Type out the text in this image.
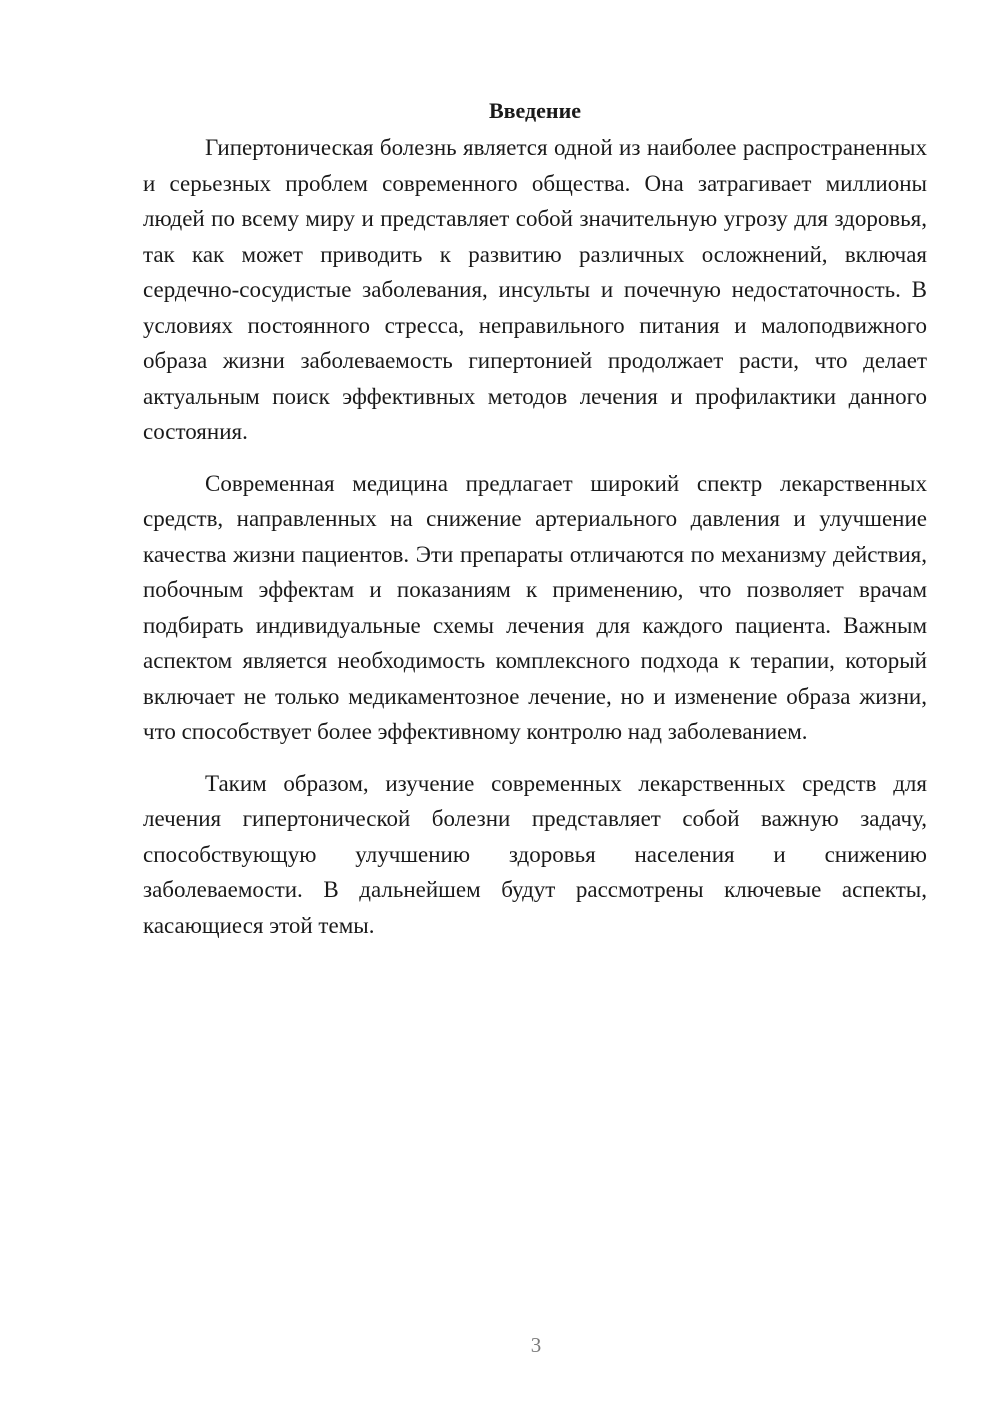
Введение

Гипертоническая болезнь является одной из наиболее распространенных и серьезных проблем современного общества. Она затрагивает миллионы людей по всему миру и представляет собой значительную угрозу для здоровья, так как может приводить к развитию различных осложнений, включая сердечно-сосудистые заболевания, инсульты и почечную недостаточность. В условиях постоянного стресса, неправильного питания и малоподвижного образа жизни заболеваемость гипертонией продолжает расти, что делает актуальным поиск эффективных методов лечения и профилактики данного состояния.

Современная медицина предлагает широкий спектр лекарственных средств, направленных на снижение артериального давления и улучшение качества жизни пациентов. Эти препараты отличаются по механизму действия, побочным эффектам и показаниям к применению, что позволяет врачам подбирать индивидуальные схемы лечения для каждого пациента. Важным аспектом является необходимость комплексного подхода к терапии, который включает не только медикаментозное лечение, но и изменение образа жизни, что способствует более эффективному контролю над заболеванием.

Таким образом, изучение современных лекарственных средств для лечения гипертонической болезни представляет собой важную задачу, способствующую улучшению здоровья населения и снижению заболеваемости. В дальнейшем будут рассмотрены ключевые аспекты, касающиеся этой темы.

3
